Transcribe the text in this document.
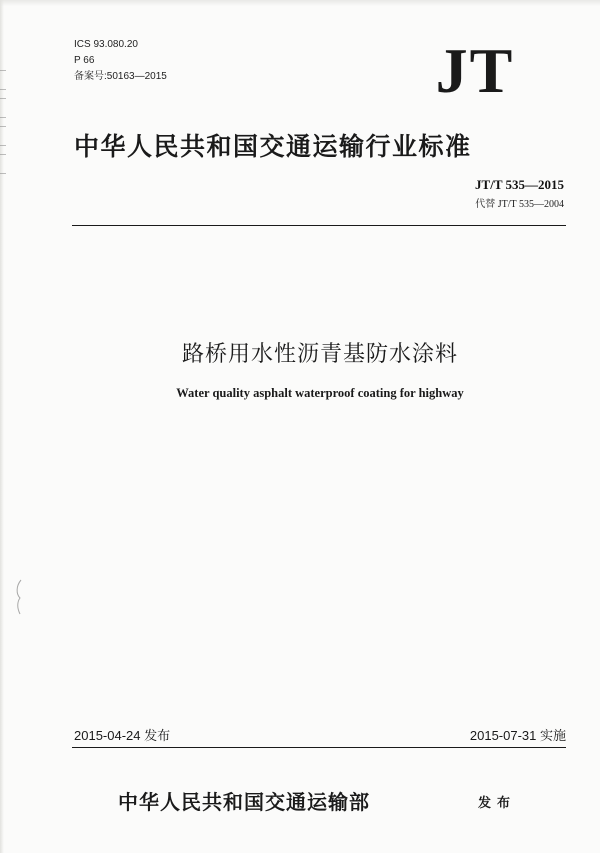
ICS 93.080.20
P 66
备案号:50163—2015	JT
中华人民共和国交通运输行业标准
JT/T 535—2015
代替 JT/T 535—2004
路桥用水性沥青基防水涂料
Water quality asphalt waterproof coating for highway
2015-04-24 发布	2015-07-31 实施
中华人民共和国交通运输部	发布
